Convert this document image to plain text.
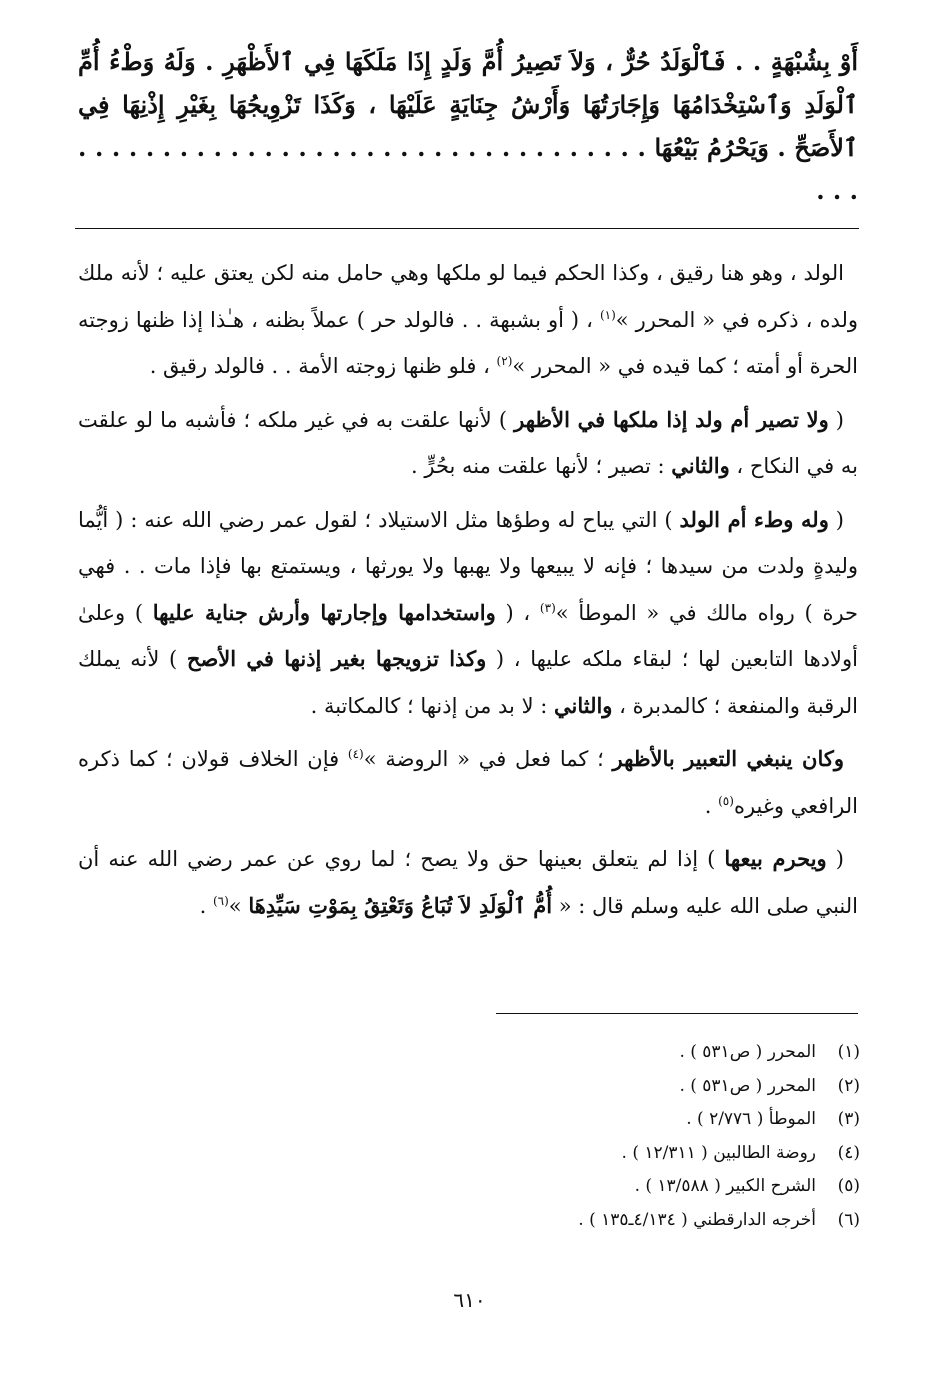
أَوْ بِشُبْهَةٍ . . فَٱلْوَلَدُ حُرٌّ ، وَلاَ تَصِيرُ أُمَّ وَلَدٍ إِذَا مَلَكَهَا فِي ٱلأَظْهَرِ . وَلَهُ وَطْءُ أُمِّ ٱلْوَلَدِ وَٱسْتِخْدَامُهَا وَإِجَارَتُهَا وَأَرْشُ جِنَايَةٍ عَلَيْهَا ، وَكَذَا تَزْوِيجُهَا بِغَيْرِ إِذْنِهَا فِي ٱلأَصَحِّ . وَيَحْرُمُ بَيْعُهَا . . . . . . . . . . . . . . . . . . . . . . . . . . . . . . . . . . . . .

الولد ، وهو هنا رقيق ، وكذا الحكم فيما لو ملكها وهي حامل منه لكن يعتق عليه ؛ لأنه ملك ولده ، ذكره في « المحرر »$^{(١)}$ ، ( أو بشبهة . . فالولد حر ) عملاً بظنه ، هـٰذا إذا ظنها زوجته الحرة أو أمته ؛ كما قيده في « المحرر »$^{(٢)}$ ، فلو ظنها زوجته الأمة . . فالولد رقيق .

( ولا تصير أم ولد إذا ملكها في الأظهر ) لأنها علقت به في غير ملكه ؛ فأشبه ما لو علقت به في النكاح ، والثاني : تصير ؛ لأنها علقت منه بحُرٍّ .

( وله وطء أم الولد ) التي يباح له وطؤها مثل الاستيلاد ؛ لقول عمر رضي الله عنه : ( أيُّما وليدةٍ ولدت من سيدها ؛ فإنه لا يبيعها ولا يهبها ولا يورثها ، ويستمتع بها فإذا مات . . فهي حرة ) رواه مالك في « الموطأ »$^{(٣)}$ ، ( واستخدامها وإجارتها وأرش جناية عليها ) وعلىٰ أولادها التابعين لها ؛ لبقاء ملكه عليها ، ( وكذا تزويجها بغير إذنها في الأصح ) لأنه يملك الرقبة والمنفعة ؛ كالمدبرة ، والثاني : لا بد من إذنها ؛ كالمكاتبة .

وكان ينبغي التعبير بالأظهر ؛ كما فعل في « الروضة »$^{(٤)}$ فإن الخلاف قولان ؛ كما ذكره الرافعي وغيره$^{(٥)}$ .

( ويحرم بيعها ) إذا لم يتعلق بعينها حق ولا يصح ؛ لما روي عن عمر رضي الله عنه أن النبي صلى الله عليه وسلم قال : « أُمُّ ٱلْوَلَدِ لاَ تُبَاعُ وَتَعْتِقُ بِمَوْتِ سَيِّدِهَا »$^{(٦)}$ .

(١)
المحرر ( ص٥٣١ ) .
(٢)
المحرر ( ص٥٣١ ) .
(٣)
الموطأ ( ٢/٧٧٦ ) .
(٤)
روضة الطالبين ( ١٢/٣١١ ) .
(٥)
الشرح الكبير ( ١٣/٥٨٨ ) .
(٦)
أخرجه الدارقطني ( ٤/١٣٤ـ١٣٥ ) .
٦١٠
